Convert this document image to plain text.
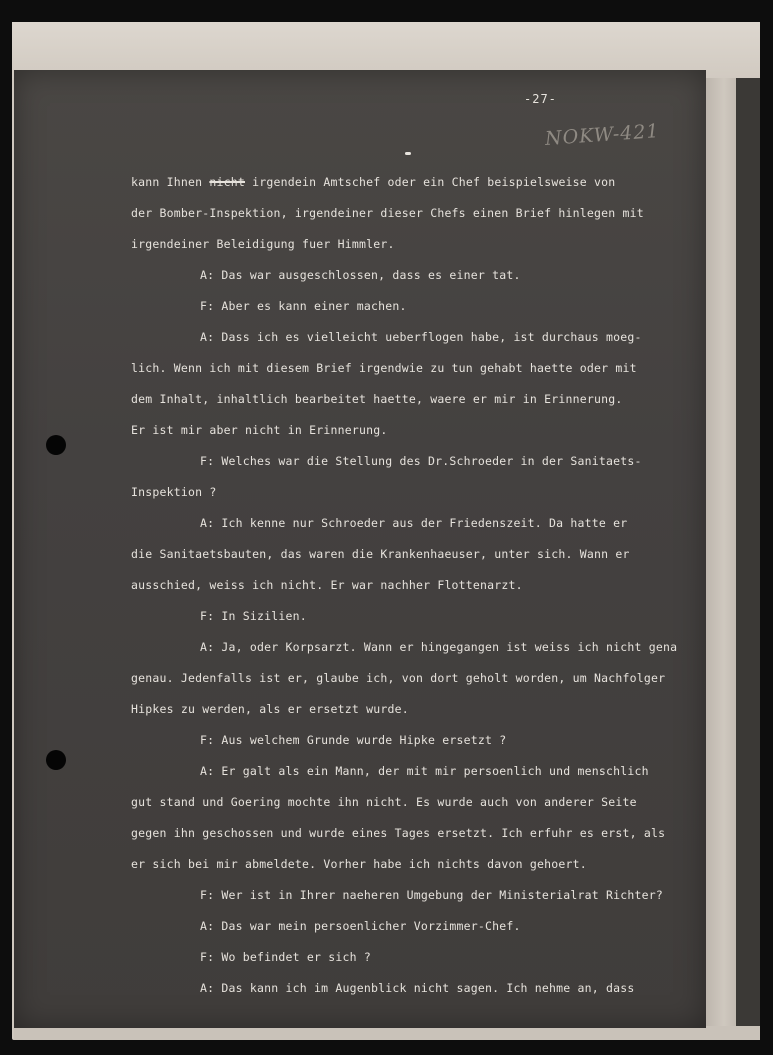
-27-
NOKW-421
kann Ihnen nicht irgendein Amtschef oder ein Chef beispielsweise von
der Bomber-Inspektion, irgendeiner dieser Chefs einen Brief hinlegen mit
irgendeiner Beleidigung fuer Himmler.
A: Das war ausgeschlossen, dass es einer tat.
F: Aber es kann einer machen.
A: Dass ich es vielleicht ueberflogen habe, ist durchaus moeg-
lich. Wenn ich mit diesem Brief irgendwie zu tun gehabt haette oder mit
dem Inhalt, inhaltlich bearbeitet haette, waere er mir in Erinnerung.
Er ist mir aber nicht in Erinnerung.
F: Welches war die Stellung des Dr.Schroeder in der Sanitaets-
Inspektion ?
A: Ich kenne nur Schroeder aus der Friedenszeit. Da hatte er
die Sanitaetsbauten, das waren die Krankenhaeuser, unter sich. Wann er
ausschied, weiss ich nicht. Er war nachher Flottenarzt.
F: In Sizilien.
A: Ja, oder Korpsarzt. Wann er hingegangen ist weiss ich nicht gena
genau. Jedenfalls ist er, glaube ich, von dort geholt worden, um Nachfolger
Hipkes zu werden, als er ersetzt wurde.
F: Aus welchem Grunde wurde Hipke ersetzt ?
A: Er galt als ein Mann, der mit mir persoenlich und menschlich
gut stand und Goering mochte ihn nicht. Es wurde auch von anderer Seite
gegen ihn geschossen und wurde eines Tages ersetzt. Ich erfuhr es erst, als
er sich bei mir abmeldete. Vorher habe ich nichts davon gehoert.
F: Wer ist in Ihrer naeheren Umgebung der Ministerialrat Richter?
A: Das war mein persoenlicher Vorzimmer-Chef.
F: Wo befindet er sich ?
A: Das kann ich im Augenblick nicht sagen. Ich nehme an, dass
